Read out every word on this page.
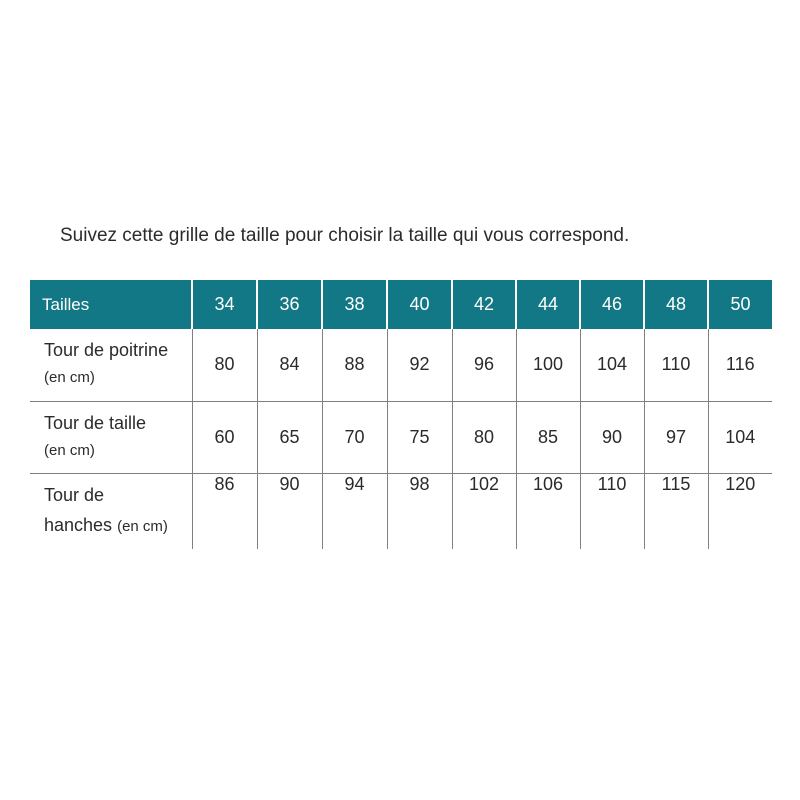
Suivez cette grille de taille pour choisir la taille qui vous correspond.
Tailles	34	36	38	40	42	44	46	48	50

Tour de poitrine
(en cm)	80	84	88	92	96	100	104	110	116

Tour de taille
(en cm)	60	65	70	75	80	85	90	97	104

Tour de
hanches (en cm)	86	90	94	98	102	106	110	115	120
